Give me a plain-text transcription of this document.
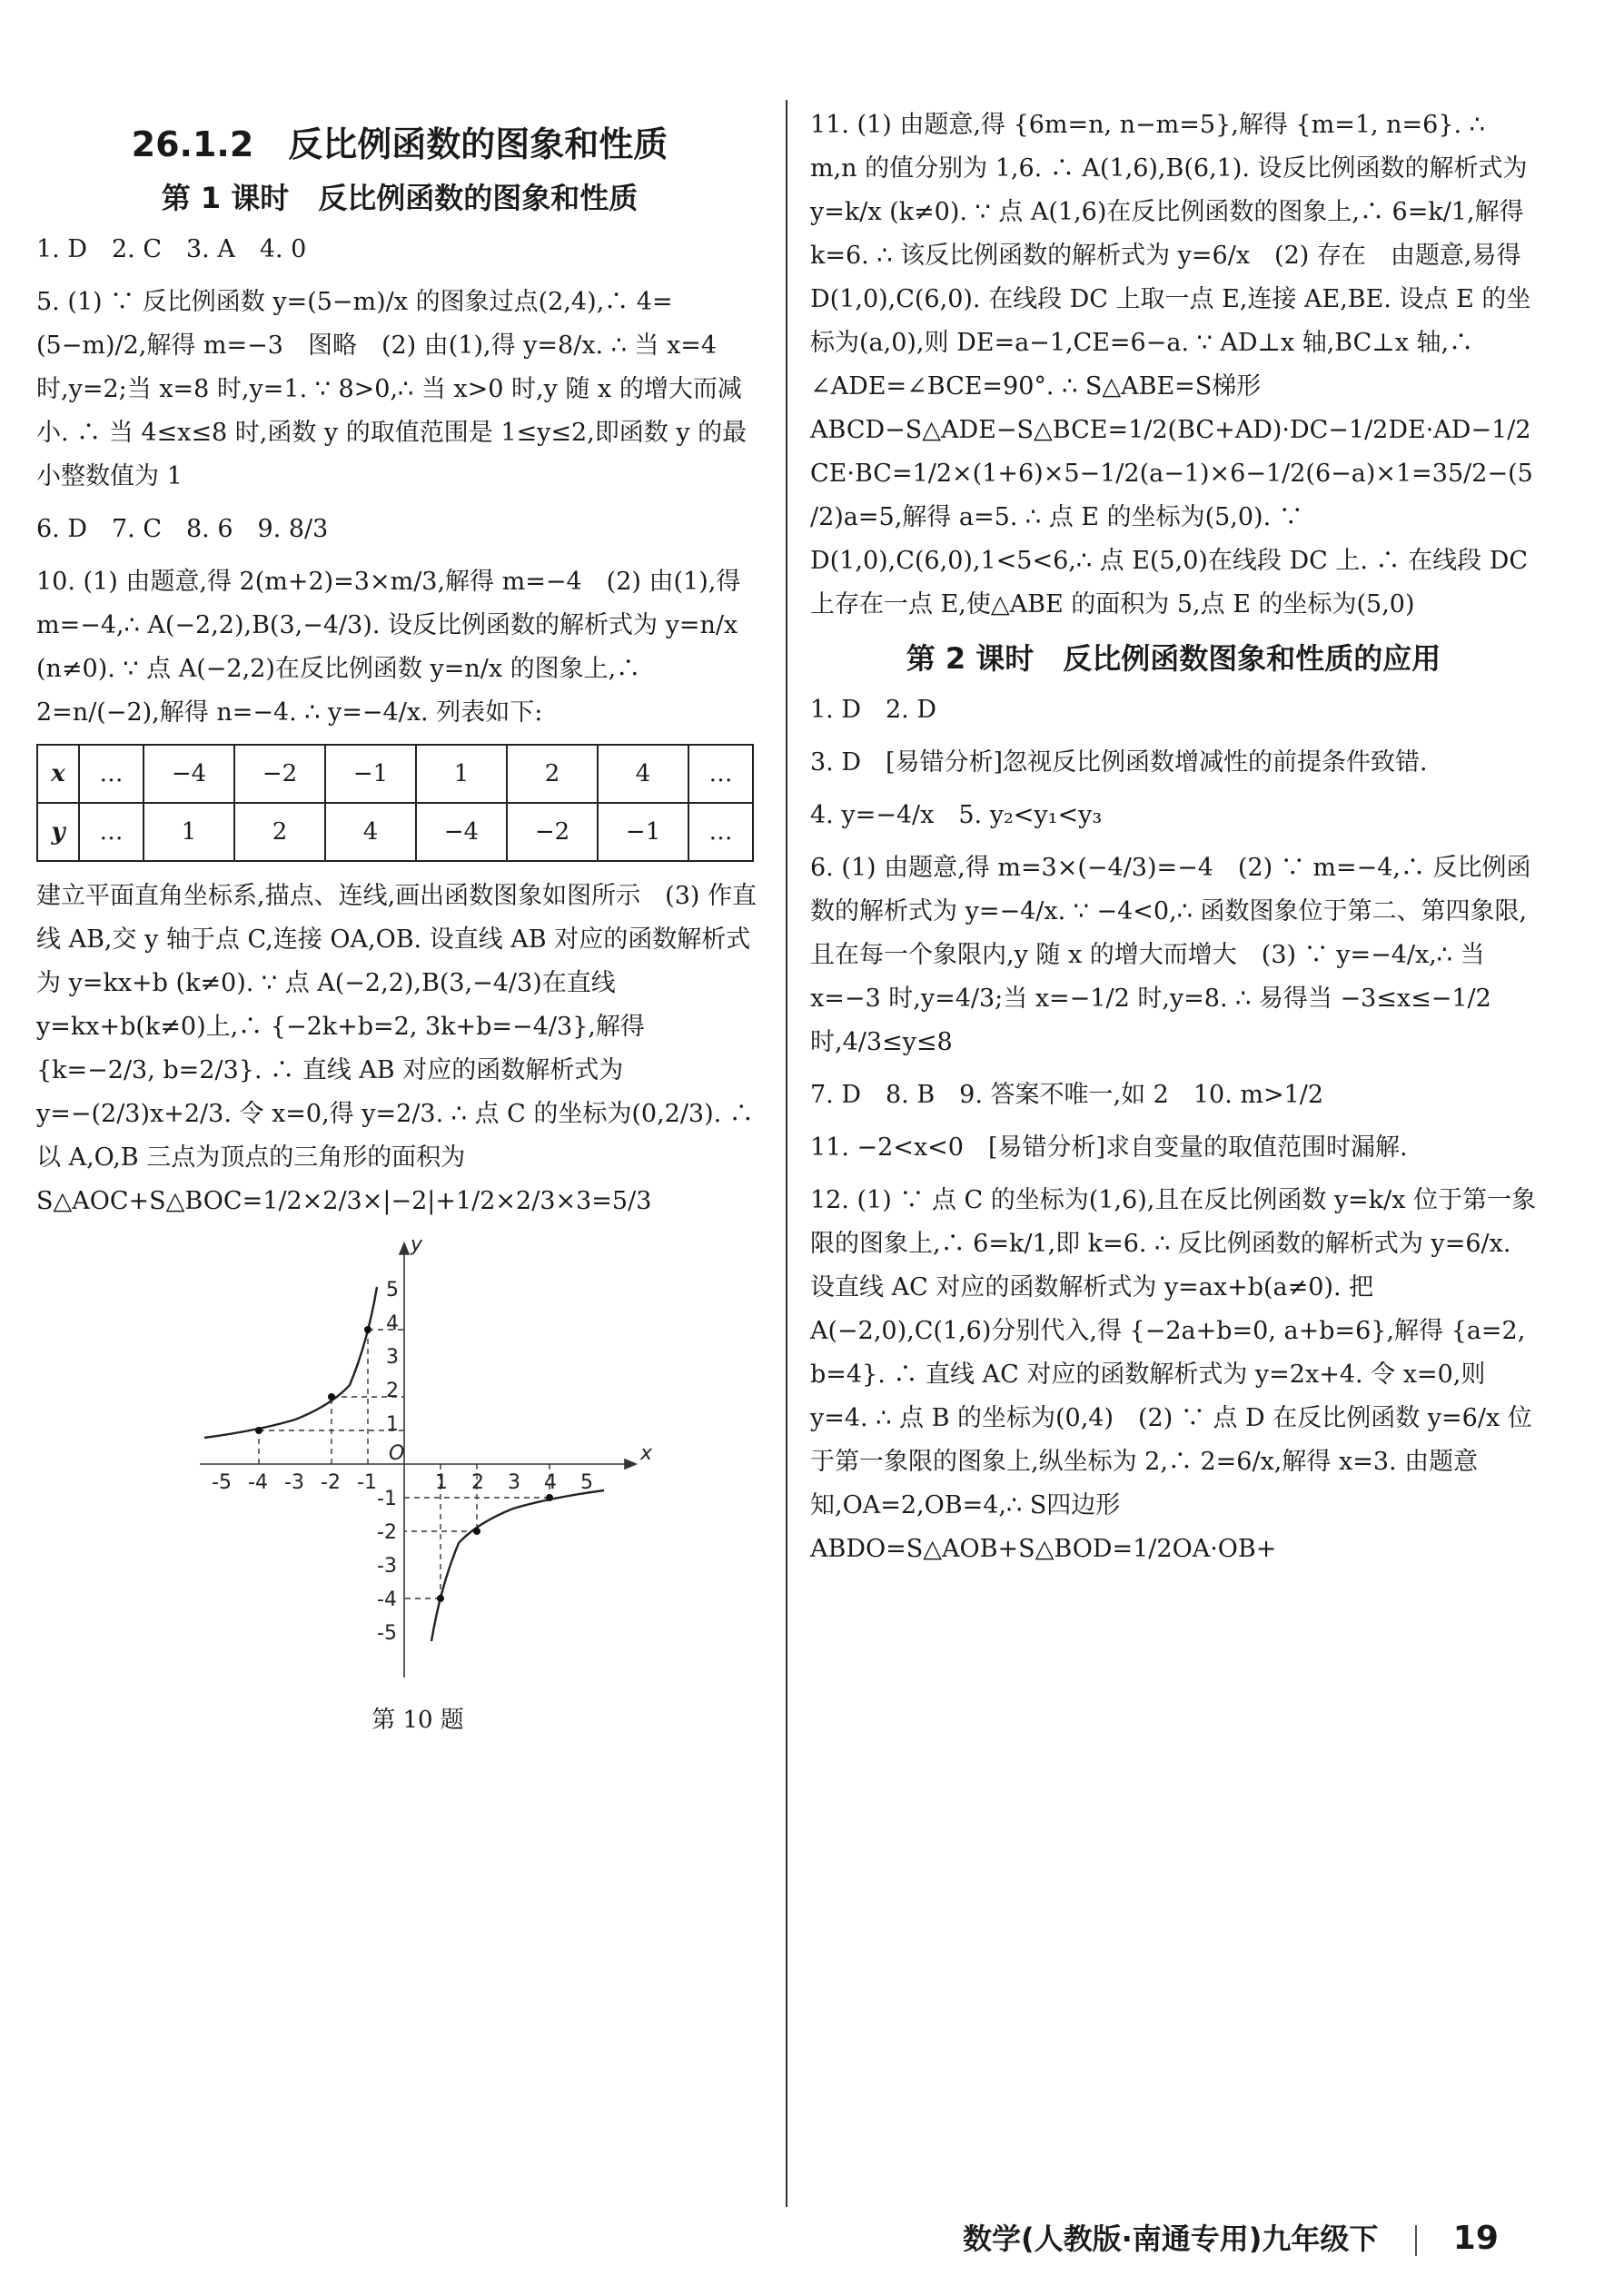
26.1.2　反比例函数的图象和性质
第 1 课时　反比例函数的图象和性质
1. D　2. C　3. A　4. 0
5. (1) ∵ 反比例函数 y=(5−m)/x 的图象过点(2,4),∴ 4=(5−m)/2,解得 m=−3　图略　(2) 由(1),得 y=8/x. ∴ 当 x=4 时,y=2;当 x=8 时,y=1. ∵ 8>0,∴ 当 x>0 时,y 随 x 的增大而减小. ∴ 当 4≤x≤8 时,函数 y 的取值范围是 1≤y≤2,即函数 y 的最小整数值为 1
6. D　7. C　8. 6　9. 8/3
10. (1) 由题意,得 2(m+2)=3×m/3,解得 m=−4　(2) 由(1),得 m=−4,∴ A(−2,2),B(3,−4/3). 设反比例函数的解析式为 y=n/x (n≠0). ∵ 点 A(−2,2)在反比例函数 y=n/x 的图象上,∴ 2=n/(−2),解得 n=−4. ∴ y=−4/x. 列表如下:
x	…	−4	−2	−1	1	2	4	…
y	…	1	2	4	−4	−2	−1	…
建立平面直角坐标系,描点、连线,画出函数图象如图所示　(3) 作直线 AB,交 y 轴于点 C,连接 OA,OB. 设直线 AB 对应的函数解析式为 y=kx+b (k≠0). ∵ 点 A(−2,2),B(3,−4/3)在直线 y=kx+b(k≠0)上,∴ {−2k+b=2, 3k+b=−4/3},解得 {k=−2/3, b=2/3}. ∴ 直线 AB 对应的函数解析式为 y=−(2/3)x+2/3. 令 x=0,得 y=2/3. ∴ 点 C 的坐标为(0,2/3). ∴ 以 A,O,B 三点为顶点的三角形的面积为 S△AOC+S△BOC=1/2×2/3×|−2|+1/2×2/3×3=5/3
x
y
O
-5 -4 -3 -2 -1	1 2 3 4 5
5
4
3
2
1
-1
-2
-3
-4
-5
第 10 题
11. (1) 由题意,得 {6m=n, n−m=5},解得 {m=1, n=6}. ∴ m,n 的值分别为 1,6. ∴ A(1,6),B(6,1). 设反比例函数的解析式为 y=k/x (k≠0). ∵ 点 A(1,6)在反比例函数的图象上,∴ 6=k/1,解得 k=6. ∴ 该反比例函数的解析式为 y=6/x　(2) 存在　由题意,易得 D(1,0),C(6,0). 在线段 DC 上取一点 E,连接 AE,BE. 设点 E 的坐标为(a,0),则 DE=a−1,CE=6−a. ∵ AD⊥x 轴,BC⊥x 轴,∴ ∠ADE=∠BCE=90°. ∴ S△ABE=S梯形ABCD−S△ADE−S△BCE=1/2(BC+AD)·DC−1/2DE·AD−1/2CE·BC=1/2×(1+6)×5−1/2(a−1)×6−1/2(6−a)×1=35/2−(5/2)a=5,解得 a=5. ∴ 点 E 的坐标为(5,0). ∵ D(1,0),C(6,0),1<5<6,∴ 点 E(5,0)在线段 DC 上. ∴ 在线段 DC 上存在一点 E,使△ABE 的面积为 5,点 E 的坐标为(5,0)
第 2 课时　反比例函数图象和性质的应用
1. D　2. D
3. D　[易错分析]忽视反比例函数增减性的前提条件致错.
4. y=−4/x　5. y₂<y₁<y₃
6. (1) 由题意,得 m=3×(−4/3)=−4　(2) ∵ m=−4,∴ 反比例函数的解析式为 y=−4/x. ∵ −4<0,∴ 函数图象位于第二、第四象限,且在每一个象限内,y 随 x 的增大而增大　(3) ∵ y=−4/x,∴ 当 x=−3 时,y=4/3;当 x=−1/2 时,y=8. ∴ 易得当 −3≤x≤−1/2 时,4/3≤y≤8
7. D　8. B　9. 答案不唯一,如 2　10. m>1/2
11. −2<x<0　[易错分析]求自变量的取值范围时漏解.
12. (1) ∵ 点 C 的坐标为(1,6),且在反比例函数 y=k/x 位于第一象限的图象上,∴ 6=k/1,即 k=6. ∴ 反比例函数的解析式为 y=6/x. 设直线 AC 对应的函数解析式为 y=ax+b(a≠0). 把 A(−2,0),C(1,6)分别代入,得 {−2a+b=0, a+b=6},解得 {a=2, b=4}. ∴ 直线 AC 对应的函数解析式为 y=2x+4. 令 x=0,则 y=4. ∴ 点 B 的坐标为(0,4)　(2) ∵ 点 D 在反比例函数 y=6/x 位于第一象限的图象上,纵坐标为 2,∴ 2=6/x,解得 x=3. 由题意知,OA=2,OB=4,∴ S四边形ABDO=S△AOB+S△BOD=1/2OA·OB+
数学(人教版·南通专用)九年级下 19
